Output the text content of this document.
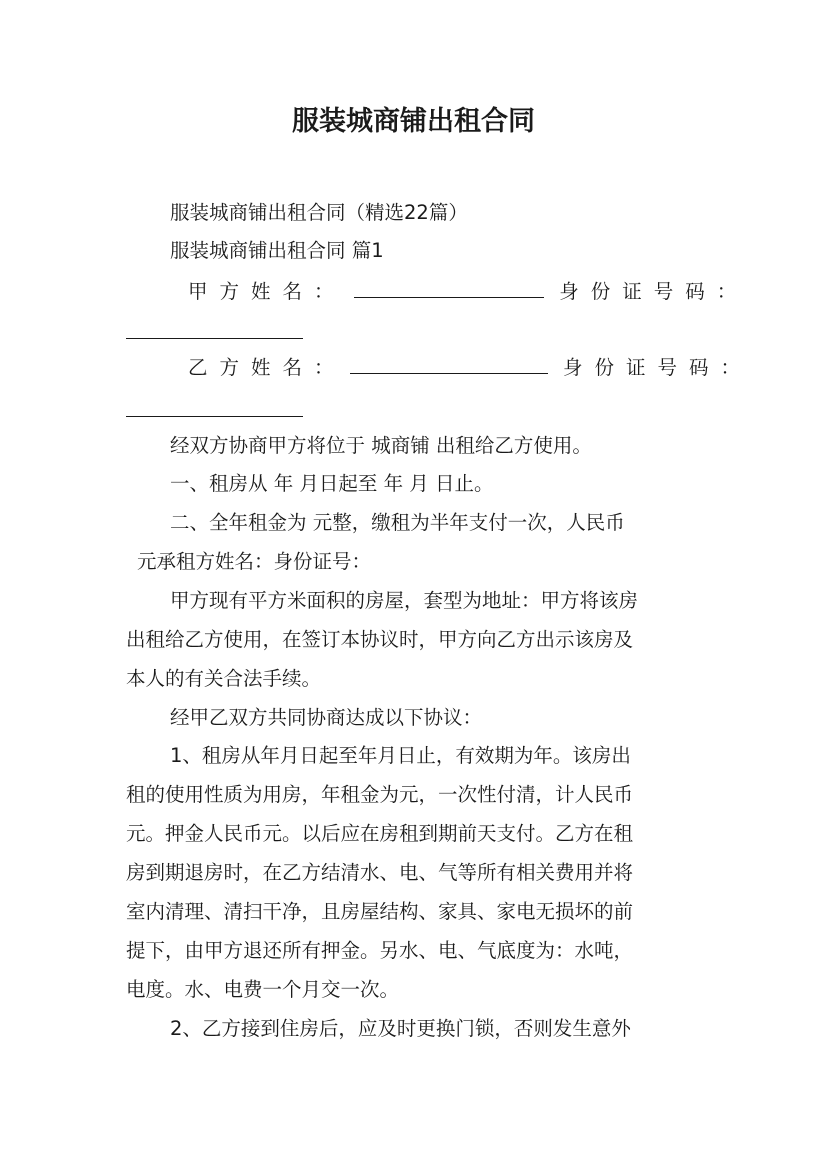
服装城商铺出租合同
服装城商铺出租合同（精选22篇）
服装城商铺出租合同 篇1
甲方姓名：	身份证号码：
乙方姓名：	身份证号码：
经双方协商甲方将位于 城商铺 出租给乙方使用。
一、租房从 年 月日起至 年 月 日止。
二、全年租金为 元整，缴租为半年支付一次，人民币
元承租方姓名：身份证号：
甲方现有平方米面积的房屋，套型为地址：甲方将该房
出租给乙方使用，在签订本协议时，甲方向乙方出示该房及
本人的有关合法手续。
经甲乙双方共同协商达成以下协议：
1、租房从年月日起至年月日止，有效期为年。该房出
租的使用性质为用房，年租金为元，一次性付清，计人民币
元。押金人民币元。以后应在房租到期前天支付。乙方在租
房到期退房时，在乙方结清水、电、气等所有相关费用并将
室内清理、清扫干净，且房屋结构、家具、家电无损坏的前
提下，由甲方退还所有押金。另水、电、气底度为：水吨，
电度。水、电费一个月交一次。
2、乙方接到住房后，应及时更换门锁，否则发生意外
